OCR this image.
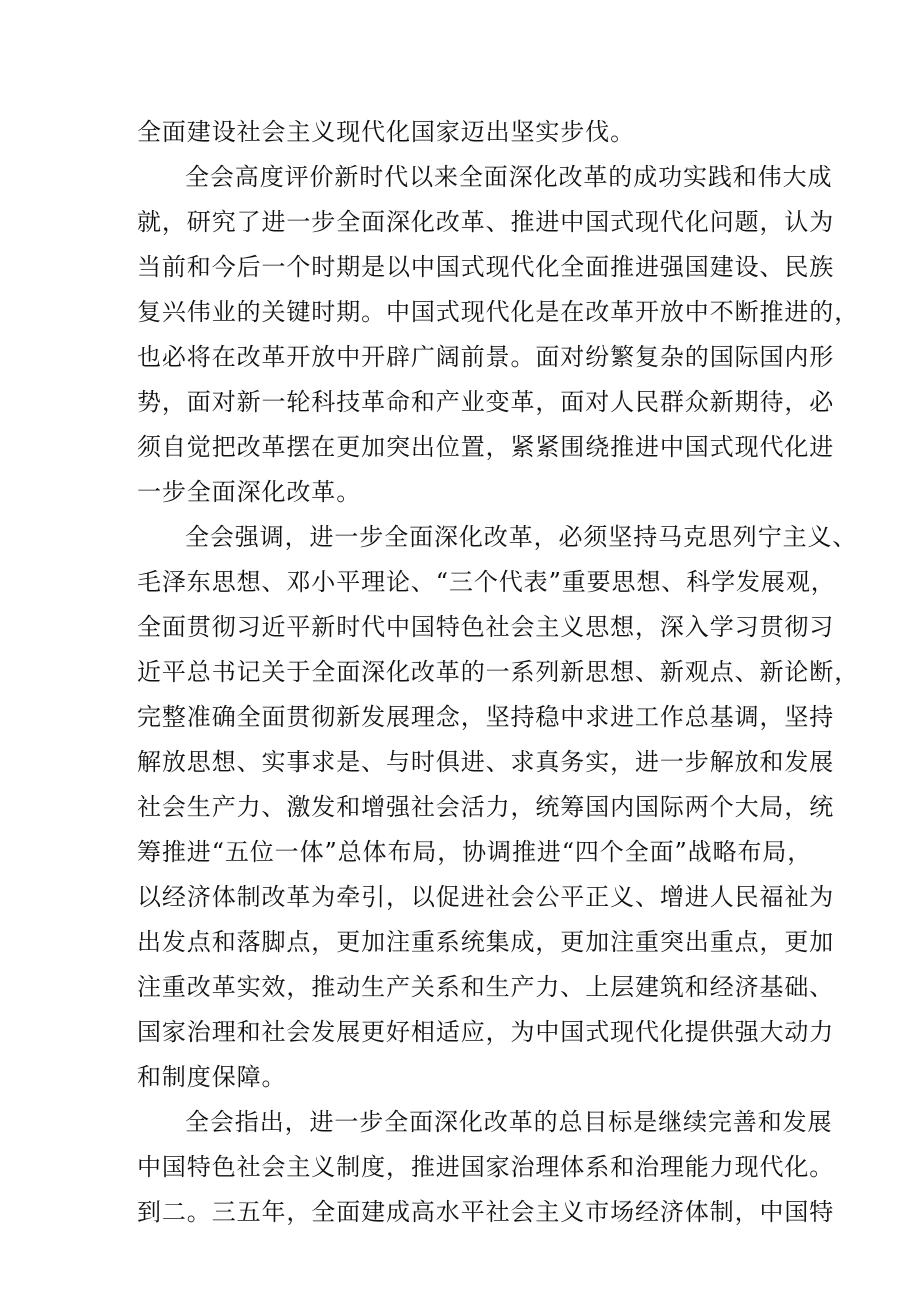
全面建设社会主义现代化国家迈出坚实步伐。
全会高度评价新时代以来全面深化改革的成功实践和伟大成
就，研究了进一步全面深化改革、推进中国式现代化问题，认为
当前和今后一个时期是以中国式现代化全面推进强国建设、民族
复兴伟业的关键时期。中国式现代化是在改革开放中不断推进的，
也必将在改革开放中开辟广阔前景。面对纷繁复杂的国际国内形
势，面对新一轮科技革命和产业变革，面对人民群众新期待，必
须自觉把改革摆在更加突出位置，紧紧围绕推进中国式现代化进
一步全面深化改革。
全会强调，进一步全面深化改革，必须坚持马克思列宁主义、
毛泽东思想、邓小平理论、“三个代表”重要思想、科学发展观，
全面贯彻习近平新时代中国特色社会主义思想，深入学习贯彻习
近平总书记关于全面深化改革的一系列新思想、新观点、新论断，
完整准确全面贯彻新发展理念，坚持稳中求进工作总基调，坚持
解放思想、实事求是、与时俱进、求真务实，进一步解放和发展
社会生产力、激发和增强社会活力，统筹国内国际两个大局，统
筹推进“五位一体”总体布局，协调推进“四个全面”战略布局，
以经济体制改革为牵引，以促进社会公平正义、增进人民福祉为
出发点和落脚点，更加注重系统集成，更加注重突出重点，更加
注重改革实效，推动生产关系和生产力、上层建筑和经济基础、
国家治理和社会发展更好相适应，为中国式现代化提供强大动力
和制度保障。
全会指出，进一步全面深化改革的总目标是继续完善和发展
中国特色社会主义制度，推进国家治理体系和治理能力现代化。
到二。三五年，全面建成高水平社会主义市场经济体制，中国特
